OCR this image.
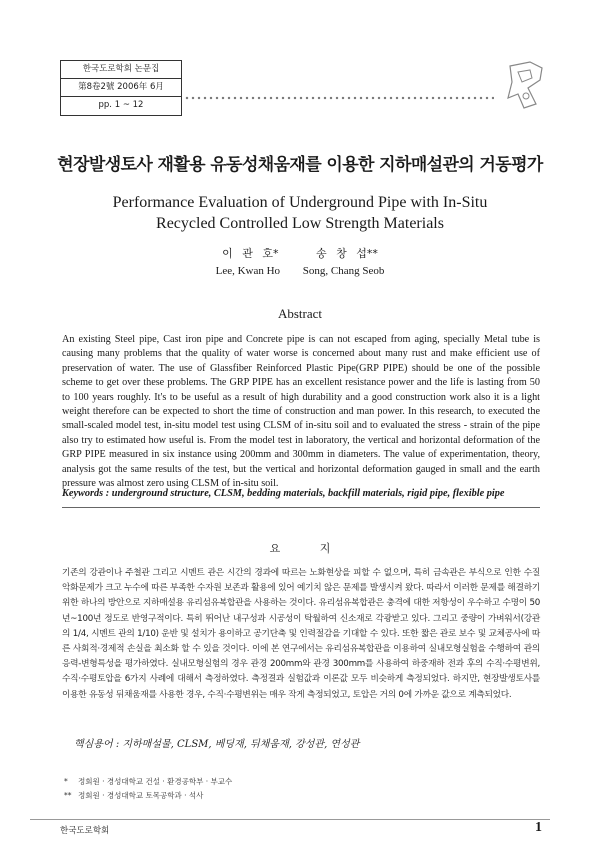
한국도로학회 논문집
第8卷2號 2006年 6月
pp. 1 ~ 12
현장발생토사 재활용 유동성채움재를 이용한 지하매설관의 거동평가
Performance Evaluation of Underground Pipe with In-Situ
Recycled Controlled Low Strength Materials
이 관 호*	송 창 섭**
Lee, Kwan Ho Song, Chang Seob
Abstract
An existing Steel pipe, Cast iron pipe and Concrete pipe is can not escaped from aging, specially Metal tube is causing many problems that the quality of water worse is concerned about many rust and make efficient use of preservation of water. The use of Glassfiber Reinforced Plastic Pipe(GRP PIPE) should be one of the possible scheme to get over these problems. The GRP PIPE has an excellent resistance power and the life is lasting from 50 to 100 years roughly. It's to be useful as a result of high durability and a good construction work also it is a light weight therefore can be expected to short the time of construction and man power. In this research, to executed the small-scaled model test, in-situ model test using CLSM of in-situ soil and to evaluated the stress - strain of the pipe also try to estimated how useful is. From the model test in laboratory, the vertical and horizontal deformation of the GRP PIPE measured in six instance using 200mm and 300mm in diameters. The value of experimentation, theory, analysis got the same results of the test, but the vertical and horizontal deformation gauged in small and the earth pressure was almost zero using CLSM of in-situ soil.
Keywords : underground structure, CLSM, bedding materials, backfill materials, rigid pipe, flexible pipe
요 지
기존의 강관이나 주철관 그리고 시멘트 관은 시간의 경과에 따르는 노화현상을 피할 수 없으며, 특히 금속관은 부식으로 인한 수질 악화문제가 크고 누수에 따른 부족한 수자원 보존과 활용에 있어 예기치 않은 문제를 발생시켜 왔다. 따라서 이러한 문제를 해결하기 위한 하나의 방안으로 지하매설용 유리섬유복합관을 사용하는 것이다. 유리섬유복합관은 충격에 대한 저항성이 우수하고 수명이 50년~100년 정도로 반영구적이다. 특히 뛰어난 내구성과 시공성이 탁월하여 신소재로 각광받고 있다. 그리고 중량이 가벼워서(강관의 1/4, 시멘트 관의 1/10) 운반 및 설치가 용이하고 공기단축 및 인력절감을 기대할 수 있다. 또한 짧은 관로 보수 및 교체공사에 따른 사회적·경제적 손실을 최소화 할 수 있을 것이다. 이에 본 연구에서는 유리섬유복합관을 이용하여 실내모형실험을 수행하여 관의 응력-변형특성을 평가하였다. 실내모형실험의 경우 관경 200mm와 관경 300mm를 사용하여 하중재하 전과 후의 수직·수평변위, 수직·수평토압을 6가지 사례에 대해서 측정하였다. 측정결과 실험값과 이론값 모두 비슷하게 측정되었다. 하지만, 현장발생토사를 이용한 유동성 뒤채움재를 사용한 경우, 수직·수평변위는 매우 작게 측정되었고, 토압은 거의 0에 가까운 값으로 계측되었다.
핵심용어 : 지하매설물, CLSM, 베딩재, 뒤채움재, 강성관, 연성관
* 정회원 · 경성대학교 건설 · 환경공학부 · 부교수
** 정회원 · 경성대학교 토목공학과 · 석사
한국도로학회	1
